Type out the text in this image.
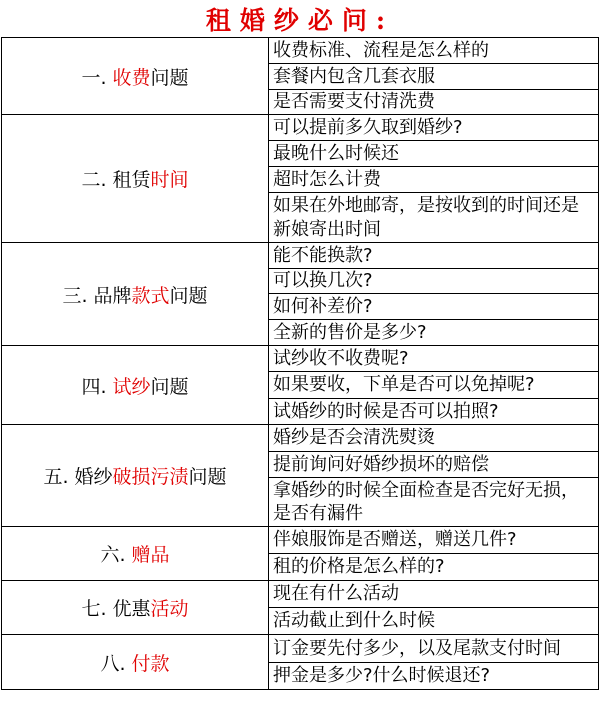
租婚纱必问:
一. 收费问题	收费标准、流程是怎么样的
	套餐内包含几套衣服
	是否需要支付清洗费
二. 租赁时间	可以提前多久取到婚纱?
	最晚什么时候还
	超时怎么计费
	如果在外地邮寄，是按收到的时间还是新娘寄出时间
三. 品牌款式问题	能不能换款?
	可以换几次?
	如何补差价?
	全新的售价是多少?
四. 试纱问题	试纱收不收费呢?
	如果要收，下单是否可以免掉呢?
	试婚纱的时候是否可以拍照?
五. 婚纱破损污渍问题	婚纱是否会清洗熨烫
	提前询问好婚纱损坏的赔偿
	拿婚纱的时候全面检查是否完好无损，是否有漏件
六. 赠品	伴娘服饰是否赠送，赠送几件?
	租的价格是怎么样的?
七. 优惠活动	现在有什么活动
	活动截止到什么时候
八. 付款	订金要先付多少，以及尾款支付时间
	押金是多少?什么时候退还?
